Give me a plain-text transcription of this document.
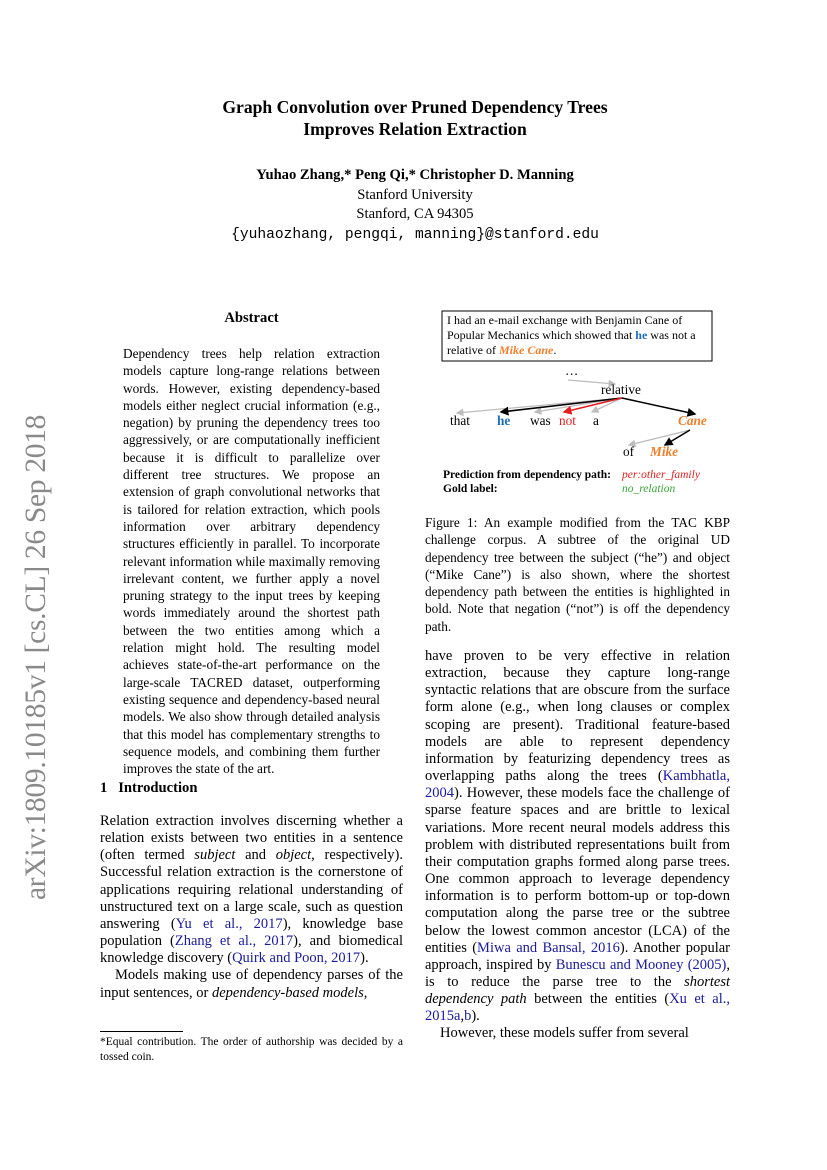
arXiv:1809.10185v1 [cs.CL] 26 Sep 2018
Graph Convolution over Pruned Dependency Trees
Improves Relation Extraction
Yuhao Zhang,* Peng Qi,* Christopher D. Manning
Stanford University
Stanford, CA 94305
{yuhaozhang, pengqi, manning}@stanford.edu
Abstract
Dependency trees help relation extraction models capture long-range relations between words. However, existing dependency-based models either neglect crucial information (e.g., negation) by pruning the dependency trees too aggressively, or are computationally inefficient because it is difficult to parallelize over different tree structures. We propose an extension of graph convolutional networks that is tailored for relation extraction, which pools information over arbitrary dependency structures efficiently in parallel. To incorporate relevant information while maximally removing irrelevant content, we further apply a novel pruning strategy to the input trees by keeping words immediately around the shortest path between the two entities among which a relation might hold. The resulting model achieves state-of-the-art performance on the large-scale TACRED dataset, outperforming existing sequence and dependency-based neural models. We also show through detailed analysis that this model has complementary strengths to sequence models, and combining them further improves the state of the art.
1   Introduction
Relation extraction involves discerning whether a relation exists between two entities in a sentence (often termed subject and object, respectively). Successful relation extraction is the cornerstone of applications requiring relational understanding of unstructured text on a large scale, such as question answering (Yu et al., 2017), knowledge base population (Zhang et al., 2017), and biomedical knowledge discovery (Quirk and Poon, 2017).
Models making use of dependency parses of the input sentences, or dependency-based models,
have proven to be very effective in relation extraction, because they capture long-range syntactic relations that are obscure from the surface form alone (e.g., when long clauses or complex scoping are present). Traditional feature-based models are able to represent dependency information by featurizing dependency trees as overlapping paths along the trees (Kambhatla, 2004). However, these models face the challenge of sparse feature spaces and are brittle to lexical variations. More recent neural models address this problem with distributed representations built from their computation graphs formed along parse trees. One common approach to leverage dependency information is to perform bottom-up or top-down computation along the parse tree or the subtree below the lowest common ancestor (LCA) of the entities (Miwa and Bansal, 2016). Another popular approach, inspired by Bunescu and Mooney (2005), is to reduce the parse tree to the shortest dependency path between the entities (Xu et al., 2015a,b).
However, these models suffer from several
*Equal contribution. The order of authorship was decided by a tossed coin.
I had an e-mail exchange with Benjamin Cane of Popular Mechanics which showed that he was not a relative of Mike Cane.
…
relative
that he was not a	Cane
of Mike
Prediction from dependency path: per:other_family
Gold label:	no_relation
Figure 1: An example modified from the TAC KBP challenge corpus. A subtree of the original UD dependency tree between the subject (“he”) and object (“Mike Cane”) is also shown, where the shortest dependency path between the entities is highlighted in bold. Note that negation (“not”) is off the dependency path.
